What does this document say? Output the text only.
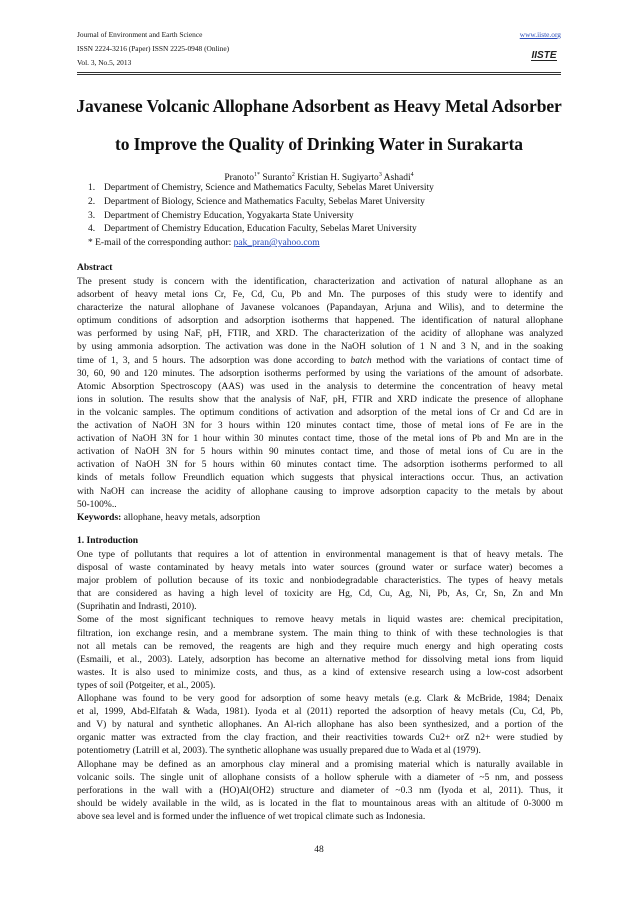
Journal of Environment and Earth Science
ISSN 2224-3216 (Paper) ISSN 2225-0948 (Online)
Vol. 3, No.5, 2013
www.iiste.org
IISTE
Javanese Volcanic Allophane Adsorbent as Heavy Metal Adsorber
to Improve the Quality of Drinking Water in Surakarta
Pranoto$^{1*}$ Suranto$^2$ Kristian H. Sugiyarto$^3$ Ashadi$^4$
1. Department of Chemistry, Science and Mathematics Faculty, Sebelas Maret University
2. Department of Biology, Science and Mathematics Faculty, Sebelas Maret University
3. Department of Chemistry Education, Yogyakarta State University
4. Department of Chemistry Education, Education Faculty, Sebelas Maret University
* E-mail of the corresponding author: pak_pran@yahoo.com
Abstract
The present study is concern with the identification, characterization and activation of natural allophane as an
adsorbent of heavy metal ions Cr, Fe, Cd, Cu, Pb and Mn. The purposes of this study were to identify and
characterize the natural allophane of Javanese volcanoes (Papandayan, Arjuna and Wilis), and to determine the
optimum conditions of adsorption and adsorption isotherms that happened. The identification of natural allophane
was performed by using NaF, pH, FTIR, and XRD. The characterization of the acidity of allophane was analyzed
by using ammonia adsorption. The activation was done in the NaOH solution of 1 N and 3 N, and in the soaking
time of 1, 3, and 5 hours. The adsorption was done according to batch method with the variations of contact time of
30, 60, 90 and 120 minutes. The adsorption isotherms performed by using the variations of the amount of adsorbate.
Atomic Absorption Spectroscopy (AAS) was used in the analysis to determine the concentration of heavy metal
ions in solution. The results show that the analysis of NaF, pH, FTIR and XRD indicate the presence of allophane
in the volcanic samples. The optimum conditions of activation and adsorption of the metal ions of Cr and Cd are in
the activation of NaOH 3N for 3 hours within 120 minutes contact time, those of metal ions of Fe are in the
activation of NaOH 3N for 1 hour within 30 minutes contact time, those of the metal ions of Pb and Mn are in the
activation of NaOH 3N for 5 hours within 90 minutes contact time, and those of metal ions of Cu are in the
activation of NaOH 3N for 5 hours within 60 minutes contact time. The adsorption isotherms performed to all
kinds of metals follow Freundlich equation which suggests that physical interactions occur. Thus, an activation
with NaOH can increase the acidity of allophane causing to improve adsorption capacity to the metals by about
50-100%..
Keywords: allophane, heavy metals, adsorption
1. Introduction
One type of pollutants that requires a lot of attention in environmental management is that of heavy metals. The
disposal of waste contaminated by heavy metals into water sources (ground water or surface water) becomes a
major problem of pollution because of its toxic and nonbiodegradable characteristics. The types of heavy metals
that are considered as having a high level of toxicity are Hg, Cd, Cu, Ag, Ni, Pb, As, Cr, Sn, Zn and Mn
(Suprihatin and Indrasti, 2010).
Some of the most significant techniques to remove heavy metals in liquid wastes are: chemical precipitation,
filtration, ion exchange resin, and a membrane system. The main thing to think of with these technologies is that
not all metals can be removed, the reagents are high and they require much energy and high operating costs
(Esmaili, et al., 2003). Lately, adsorption has become an alternative method for dissolving metal ions from liquid
wastes. It is also used to minimize costs, and thus, as a kind of extensive research using a low-cost adsorbent
types of soil (Potgeiter, et al., 2005).
Allophane was found to be very good for adsorption of some heavy metals (e.g. Clark & McBride, 1984; Denaix
et al, 1999, Abd-Elfatah & Wada, 1981). Iyoda et al (2011) reported the adsorption of heavy metals (Cu, Cd, Pb,
and V) by natural and synthetic allophanes. An Al-rich allophane has also been synthesized, and a portion of the
organic matter was extracted from the clay fraction, and their reactivities towards Cu2+ orZ n2+ were studied by
potentiometry (Latrill et al, 2003). The synthetic allophane was usually prepared due to Wada et al (1979).
Allophane may be defined as an amorphous clay mineral and a promising material which is naturally available in
volcanic soils. The single unit of allophane consists of a hollow spherule with a diameter of ~5 nm, and possess
perforations in the wall with a (HO)Al(OH2) structure and diameter of ~0.3 nm (Iyoda et al, 2011). Thus, it
should be widely available in the wild, as is located in the flat to mountainous areas with an altitude of 0-3000 m
above sea level and is formed under the influence of wet tropical climate such as Indonesia.
48
